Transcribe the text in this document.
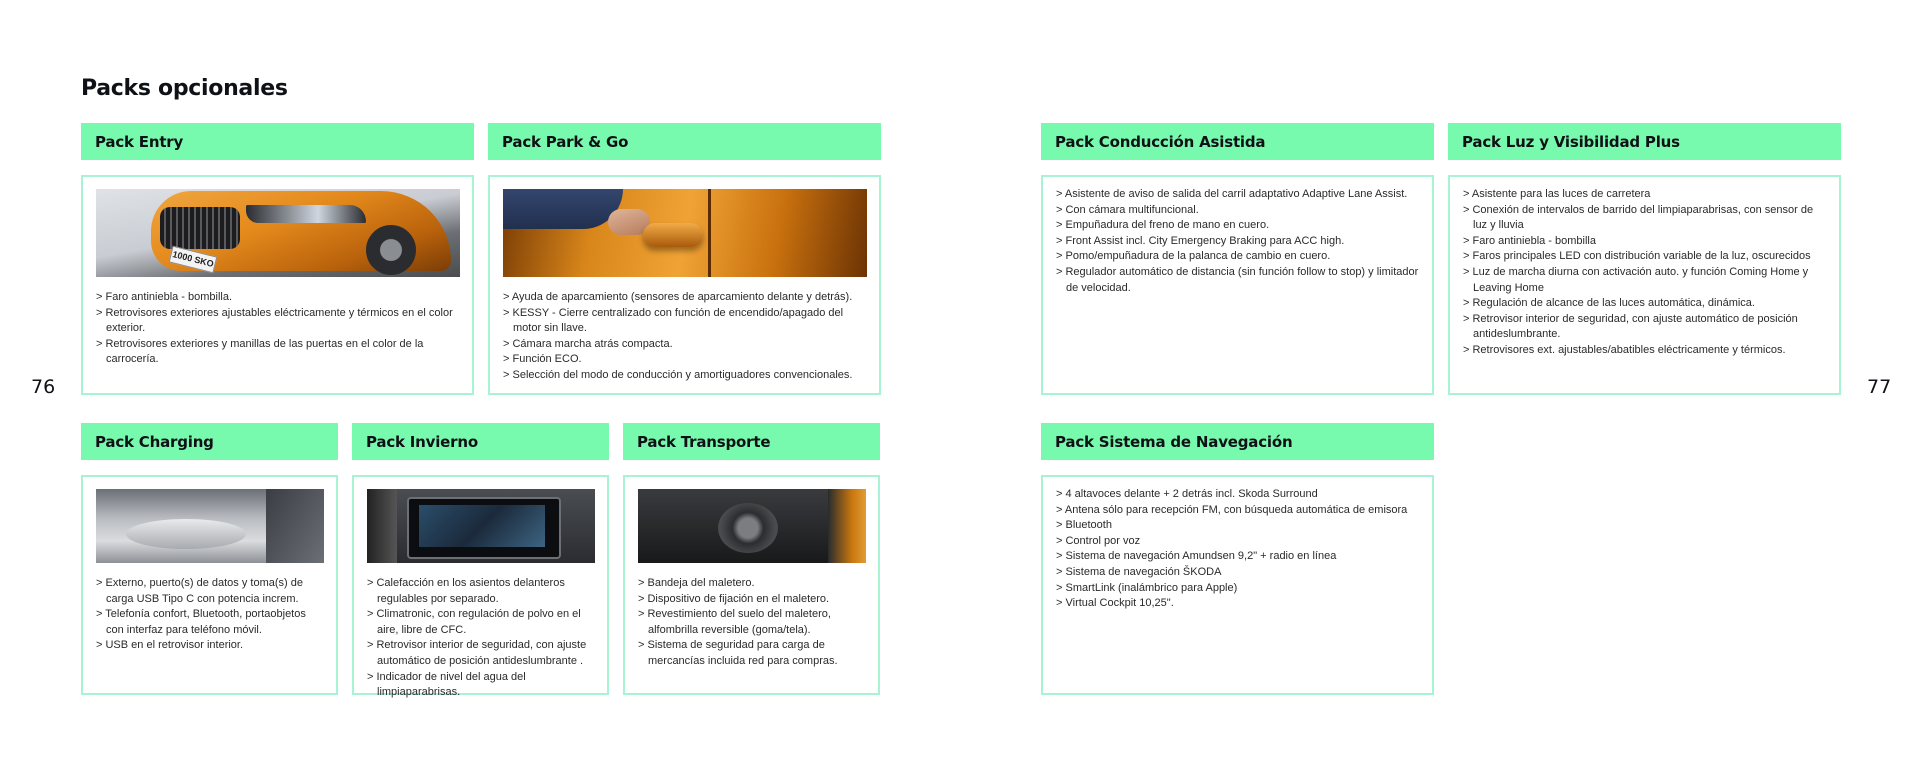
Packs opcionales
76	77
Pack Entry
1000 SKO
> Faro antiniebla - bombilla.
> Retrovisores exteriores ajustables eléctricamente y térmicos en el color exterior.
> Retrovisores exteriores y manillas de las puertas en el color de la carrocería.
Pack Park & Go
> Ayuda de aparcamiento (sensores de aparcamiento delante y detrás).
> KESSY - Cierre centralizado con función de encendido/apagado del motor sin llave.
> Cámara marcha atrás compacta.
> Función ECO.
> Selección del modo de conducción y amortiguadores convencionales.
Pack Conducción Asistida
> Asistente de aviso de salida del carril adaptativo Adaptive Lane Assist.
> Con cámara multifuncional.
> Empuñadura del freno de mano en cuero.
> Front Assist incl. City Emergency Braking para ACC high.
> Pomo/empuñadura de la palanca de cambio en cuero.
> Regulador automático de distancia (sin función follow to stop) y limitador de velocidad.
Pack Luz y Visibilidad Plus
> Asistente para las luces de carretera
> Conexión de intervalos de barrido del limpiaparabrisas, con sensor de luz y lluvia
> Faro antiniebla - bombilla
> Faros principales LED con distribución variable de la luz, oscurecidos
> Luz de marcha diurna con activación auto. y función Coming Home y Leaving Home
> Regulación de alcance de las luces automática, dinámica.
> Retrovisor interior de seguridad, con ajuste automático de posición antideslumbrante.
> Retrovisores ext. ajustables/abatibles eléctricamente y térmicos.
Pack Charging
> Externo, puerto(s) de datos y toma(s) de carga USB Tipo C con potencia increm.
> Telefonía confort, Bluetooth, portaobjetos con interfaz para teléfono móvil.
> USB en el retrovisor interior.
Pack Invierno
> Calefacción en los asientos delanteros regulables por separado.
> Climatronic, con regulación de polvo en el aire, libre de CFC.
> Retrovisor interior de seguridad, con ajuste automático de posición antideslumbrante .
> Indicador de nivel del agua del limpiaparabrisas.
Pack Transporte
> Bandeja del maletero.
> Dispositivo de fijación en el maletero.
> Revestimiento del suelo del maletero, alfombrilla reversible (goma/tela).
> Sistema de seguridad para carga de mercancías incluida red para compras.
Pack Sistema de Navegación
> 4 altavoces delante + 2 detrás incl. Skoda Surround
> Antena sólo para recepción FM, con búsqueda automática de emisora
> Bluetooth
> Control por voz
> Sistema de navegación Amundsen 9,2" + radio en línea
> Sistema de navegación ŠKODA
> SmartLink (inalámbrico para Apple)
> Virtual Cockpit 10,25".
